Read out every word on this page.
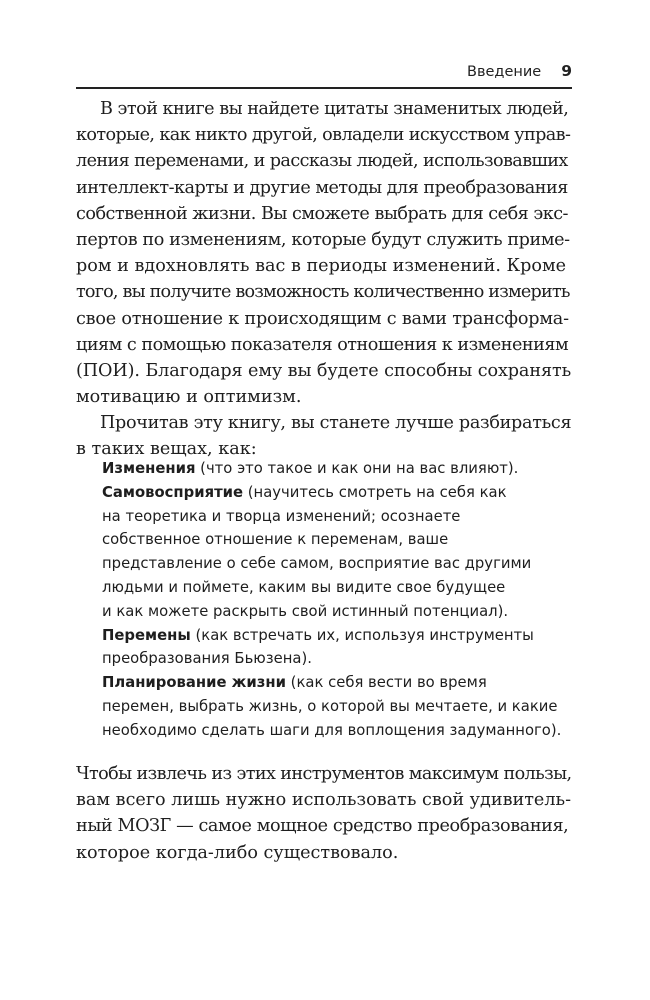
Введение 9

В этой книге вы найдете цитаты знаменитых людей,
которые, как никто другой, овладели искусством управ-
ления переменами, и рассказы людей, использовавших
интеллект-карты и другие методы для преобразования
собственной жизни. Вы сможете выбрать для себя экс-
пертов по изменениям, которые будут служить приме-
ром и вдохновлять вас в периоды изменений. Кроме
того, вы получите возможность количественно измерить
свое отношение к происходящим с вами трансформа-
циям с помощью показателя отношения к изменениям
(ПОИ). Благодаря ему вы будете способны сохранять
мотивацию и оптимизм.

Прочитав эту книгу, вы станете лучше разбираться
в таких вещах, как:

Изменения (что это такое и как они на вас влияют).
Самовосприятие (научитесь смотреть на себя как
на теоретика и творца изменений; осознаете
собственное отношение к переменам, ваше
представление о себе самом, восприятие вас другими
людьми и поймете, каким вы видите свое будущее
и как можете раскрыть свой истинный потенциал).
Перемены (как встречать их, используя инструменты
преобразования Бьюзена).
Планирование жизни (как себя вести во время
перемен, выбрать жизнь, о которой вы мечтаете, и какие
необходимо сделать шаги для воплощения задуманного).

Чтобы извлечь из этих инструментов максимум пользы,
вам всего лишь нужно использовать свой удивитель-
ный МОЗГ — самое мощное средство преобразования,
которое когда-либо существовало.
